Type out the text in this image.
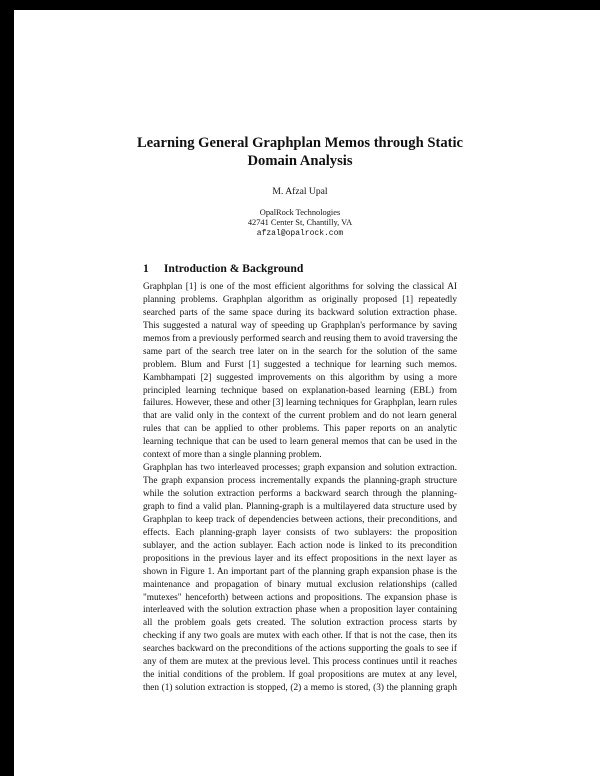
Learning General Graphplan Memos through Static
Domain Analysis
M. Afzal Upal
OpalRock Technologies
42741 Center St, Chantilly, VA
afzal@opalrock.com
1 Introduction & Background
Graphplan [1] is one of the most efficient algorithms for solving the classical AI
planning problems. Graphplan algorithm as originally proposed [1] repeatedly
searched parts of the same space during its backward solution extraction phase.
This suggested a natural way of speeding up Graphplan's performance by saving
memos from a previously performed search and reusing them to avoid traversing the
same part of the search tree later on in the search for the solution of the same
problem. Blum and Furst [1] suggested a technique for learning such memos.
Kambhampati [2] suggested improvements on this algorithm by using a more
principled learning technique based on explanation-based learning (EBL) from
failures. However, these and other [3] learning techniques for Graphplan, learn rules
that are valid only in the context of the current problem and do not learn general
rules that can be applied to other problems. This paper reports on an analytic
learning technique that can be used to learn general memos that can be used in the
context of more than a single planning problem.
Graphplan has two interleaved processes; graph expansion and solution extraction.
The graph expansion process incrementally expands the planning-graph structure
while the solution extraction performs a backward search through the planning-
graph to find a valid plan. Planning-graph is a multilayered data structure used by
Graphplan to keep track of dependencies between actions, their preconditions, and
effects. Each planning-graph layer consists of two sublayers: the proposition
sublayer, and the action sublayer. Each action node is linked to its precondition
propositions in the previous layer and its effect propositions in the next layer as
shown in Figure 1. An important part of the planning graph expansion phase is the
maintenance and propagation of binary mutual exclusion relationships (called
"mutexes" henceforth) between actions and propositions. The expansion phase is
interleaved with the solution extraction phase when a proposition layer containing
all the problem goals gets created. The solution extraction process starts by
checking if any two goals are mutex with each other. If that is not the case, then its
searches backward on the preconditions of the actions supporting the goals to see if
any of them are mutex at the previous level. This process continues until it reaches
the initial conditions of the problem. If goal propositions are mutex at any level,
then (1) solution extraction is stopped, (2) a memo is stored, (3) the planning graph
